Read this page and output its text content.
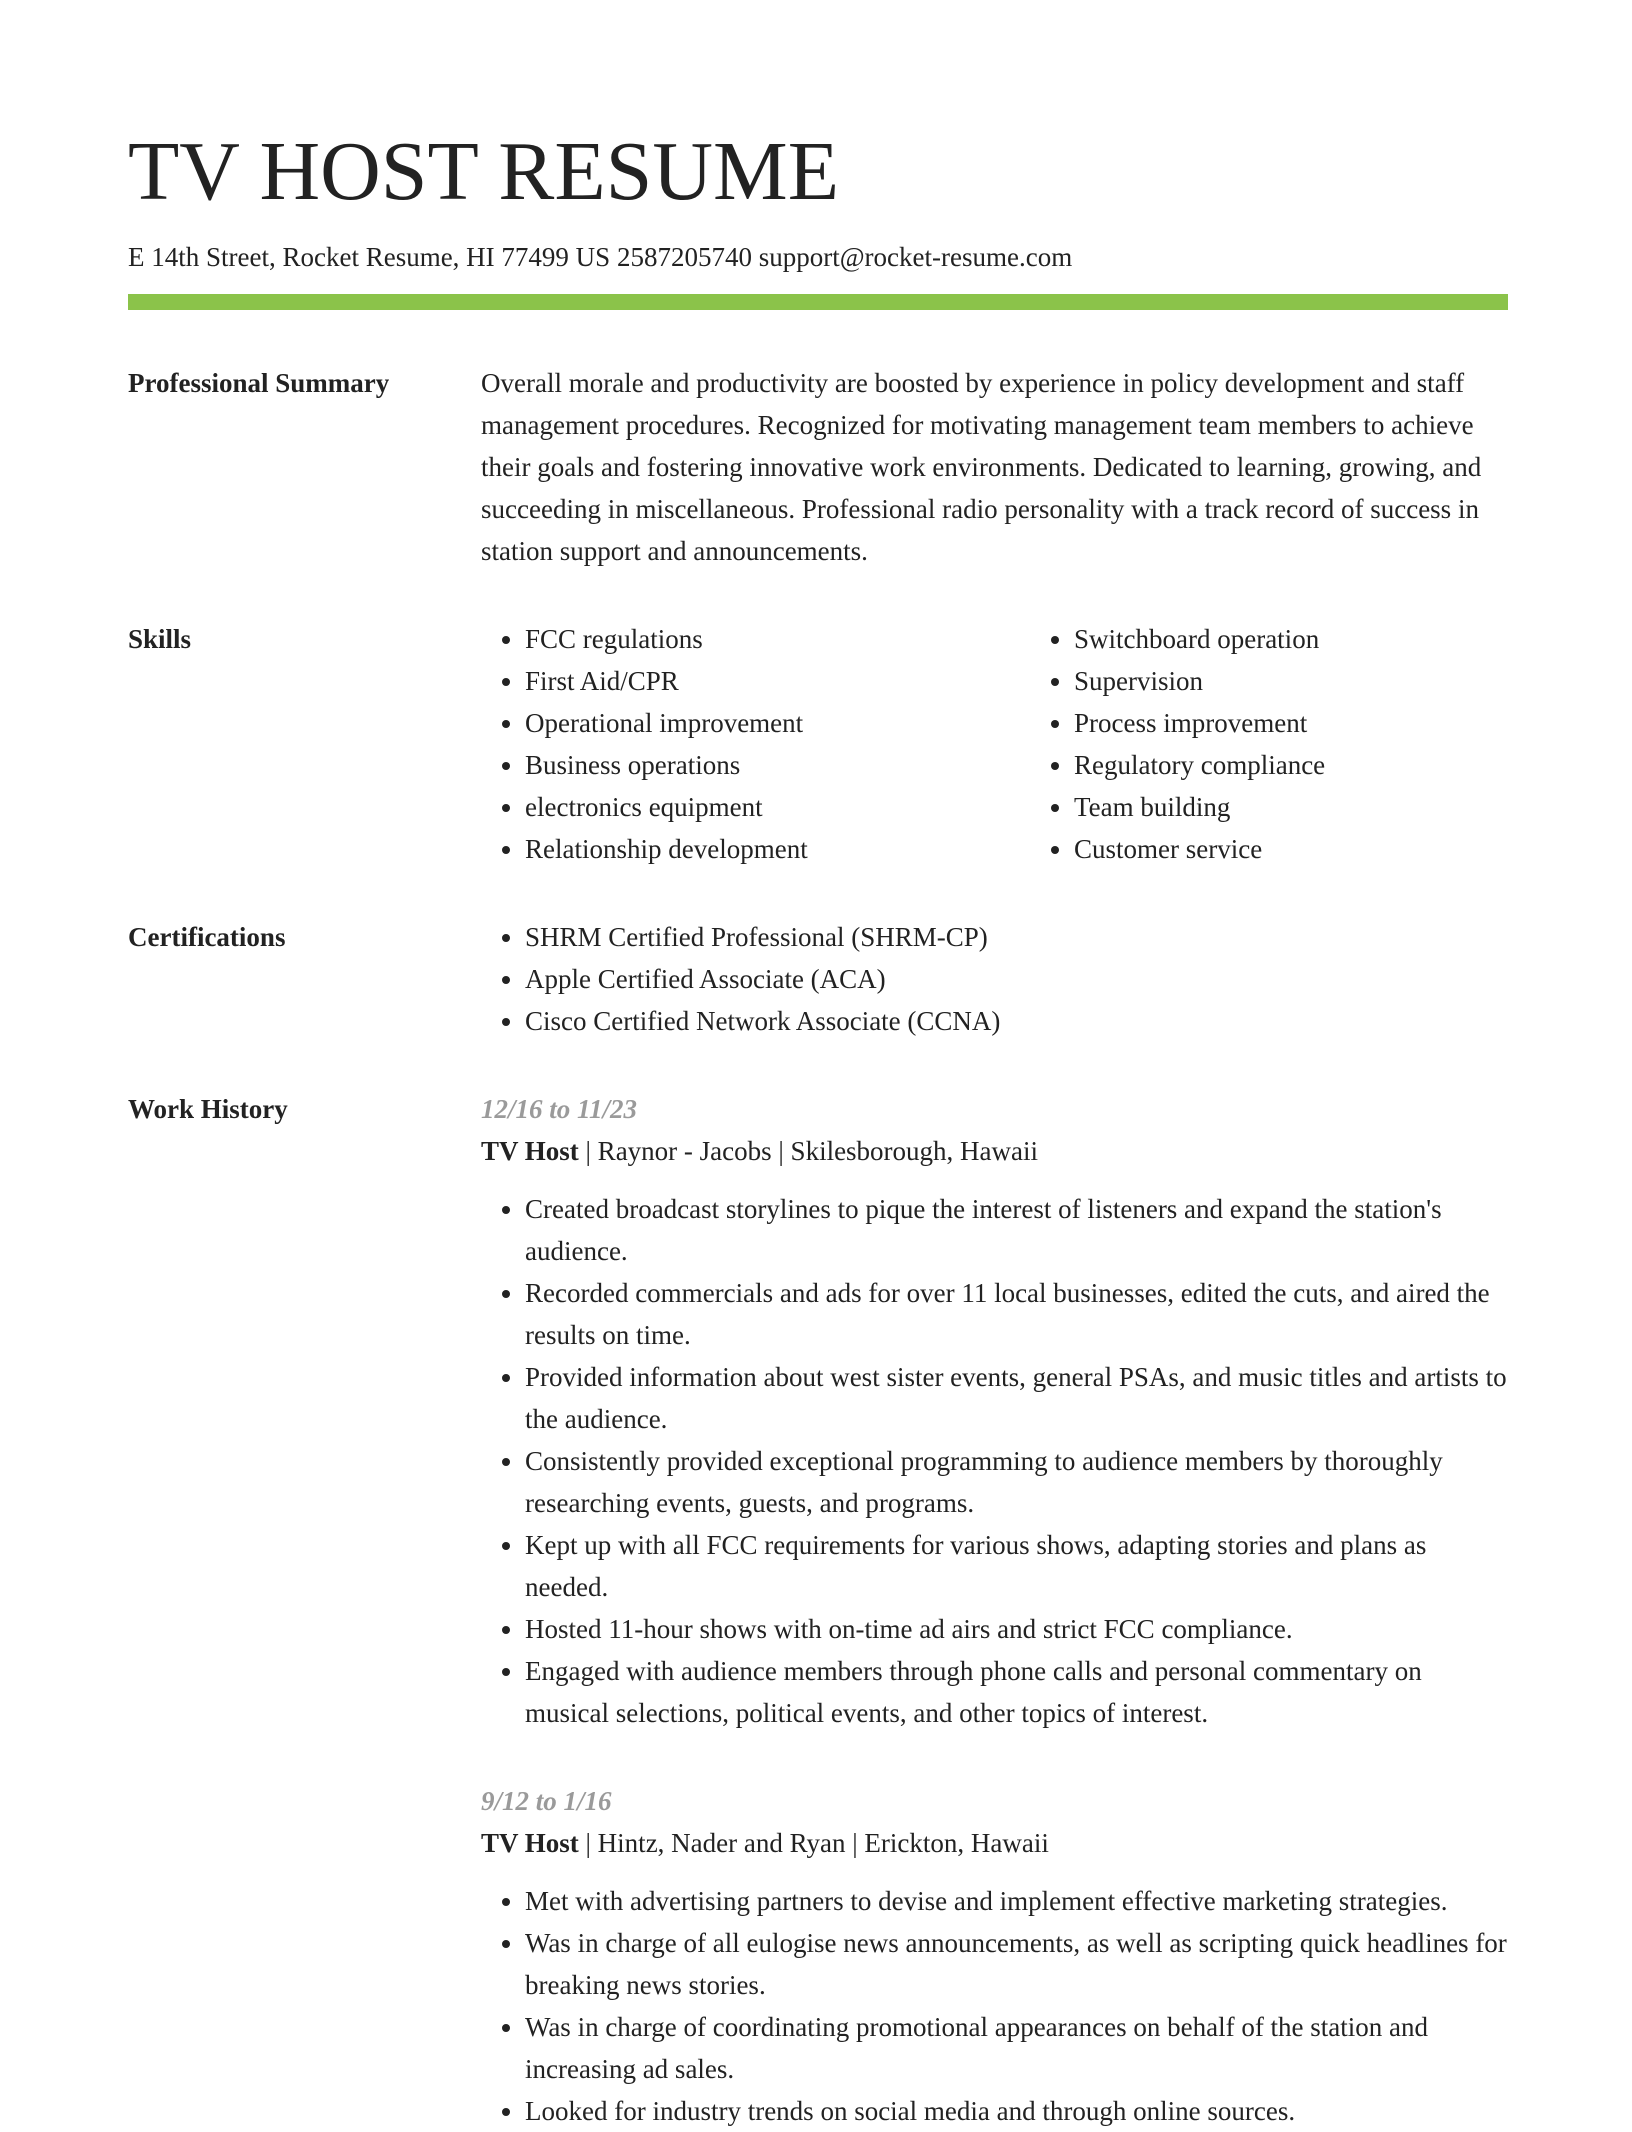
TV HOST RESUME
E 14th Street, Rocket Resume, HI 77499 US 2587205740 support@rocket-resume.com
Professional Summary	Overall morale and productivity are boosted by experience in policy development and staff management procedures. Recognized for motivating management team members to achieve their goals and fostering innovative work environments. Dedicated to learning, growing, and succeeding in miscellaneous. Professional radio personality with a track record of success in station support and announcements.

Skills	• FCC regulations
• First Aid/CPR
• Operational improvement
• Business operations
• electronics equipment
• Relationship development
• Switchboard operation
• Supervision
• Process improvement
• Regulatory compliance
• Team building
• Customer service
Certifications	• SHRM Certified Professional (SHRM-CP)
• Apple Certified Associate (ACA)
• Cisco Certified Network Associate (CCNA)
Work History	12/16 to 11/23
TV Host | Raynor - Jacobs | Skilesborough, Hawaii
• Created broadcast storylines to pique the interest of listeners and expand the station's audience.
• Recorded commercials and ads for over 11 local businesses, edited the cuts, and aired the results on time.
• Provided information about west sister events, general PSAs, and music titles and artists to the audience.
• Consistently provided exceptional programming to audience members by thoroughly researching events, guests, and programs.
• Kept up with all FCC requirements for various shows, adapting stories and plans as needed.
• Hosted 11-hour shows with on-time ad airs and strict FCC compliance.
• Engaged with audience members through phone calls and personal commentary on musical selections, political events, and other topics of interest.
9/12 to 1/16
TV Host | Hintz, Nader and Ryan | Erickton, Hawaii
• Met with advertising partners to devise and implement effective marketing strategies.
• Was in charge of all eulogise news announcements, as well as scripting quick headlines for breaking news stories.
• Was in charge of coordinating promotional appearances on behalf of the station and increasing ad sales.
• Looked for industry trends on social media and through online sources.
